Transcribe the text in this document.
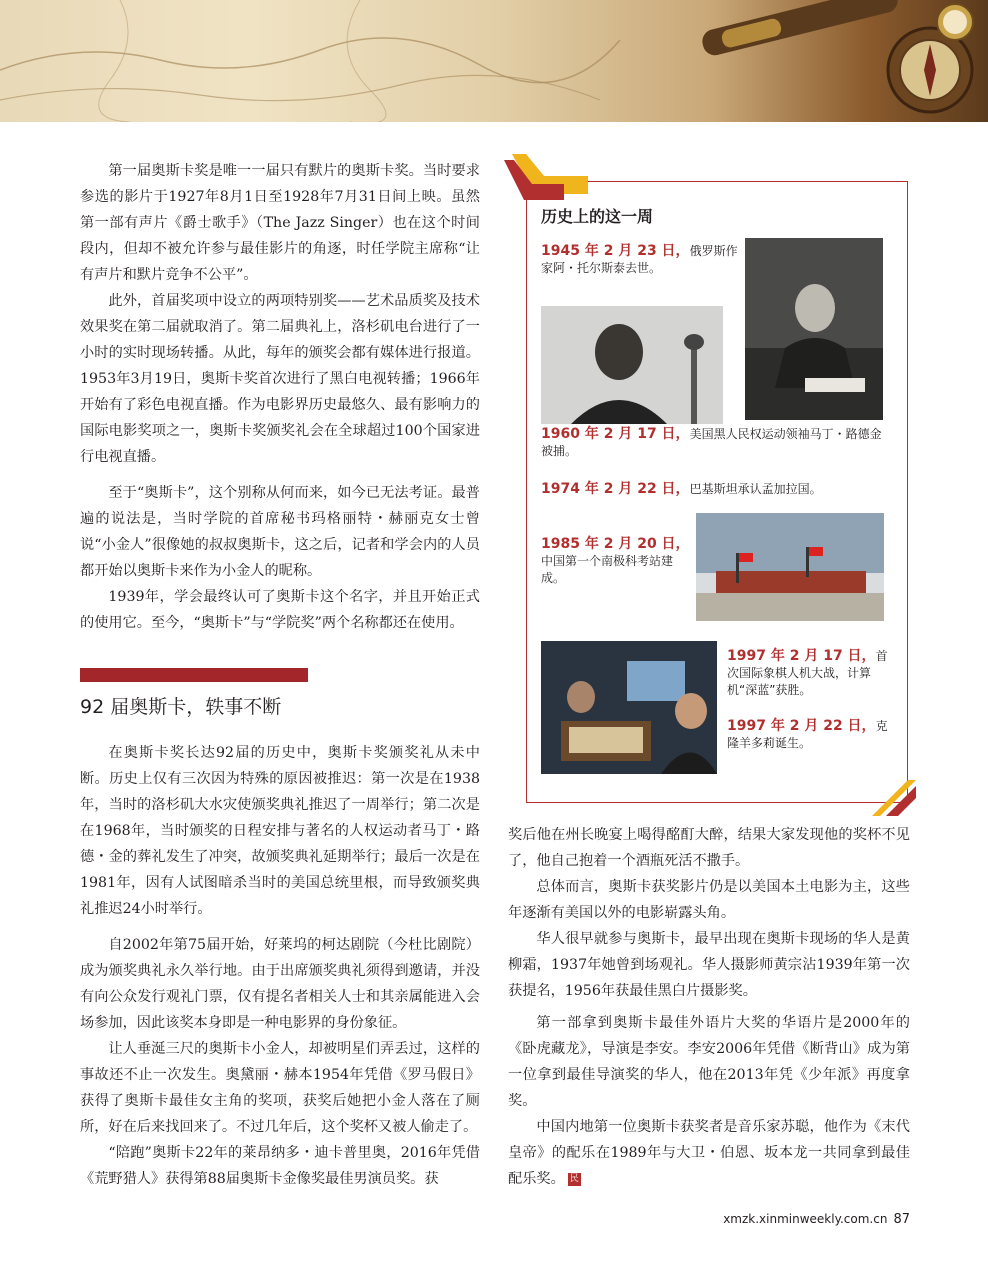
第一届奥斯卡奖是唯一一届只有默片的奥斯卡奖。当时要求参选的影片于1927年8月1日至1928年7月31日间上映。虽然第一部有声片《爵士歌手》（The Jazz Singer）也在这个时间段内，但却不被允许参与最佳影片的角逐，时任学院主席称“让有声片和默片竞争不公平”。

此外，首届奖项中设立的两项特别奖——艺术品质奖及技术效果奖在第二届就取消了。第二届典礼上，洛杉矶电台进行了一小时的实时现场转播。从此，每年的颁奖会都有媒体进行报道。1953年3月19日，奥斯卡奖首次进行了黑白电视转播；1966年开始有了彩色电视直播。作为电影界历史最悠久、最有影响力的国际电影奖项之一，奥斯卡奖颁奖礼会在全球超过100个国家进行电视直播。

至于“奥斯卡”，这个别称从何而来，如今已无法考证。最普遍的说法是，当时学院的首席秘书玛格丽特・赫丽克女士曾说“小金人”很像她的叔叔奥斯卡，这之后，记者和学会内的人员都开始以奥斯卡来作为小金人的昵称。

1939年，学会最终认可了奥斯卡这个名字，并且开始正式的使用它。至今，“奥斯卡”与“学院奖”两个名称都还在使用。

92 届奥斯卡，轶事不断

在奥斯卡奖长达92届的历史中，奥斯卡奖颁奖礼从未中断。历史上仅有三次因为特殊的原因被推迟：第一次是在1938年，当时的洛杉矶大水灾使颁奖典礼推迟了一周举行；第二次是在1968年，当时颁奖的日程安排与著名的人权运动者马丁・路德・金的葬礼发生了冲突，故颁奖典礼延期举行；最后一次是在1981年，因有人试图暗杀当时的美国总统里根，而导致颁奖典礼推迟24小时举行。

自2002年第75届开始，好莱坞的柯达剧院（今杜比剧院）成为颁奖典礼永久举行地。由于出席颁奖典礼须得到邀请，并没有向公众发行观礼门票，仅有提名者相关人士和其亲属能进入会场参加，因此该奖本身即是一种电影界的身份象征。

让人垂涎三尺的奥斯卡小金人，却被明星们弄丢过，这样的事故还不止一次发生。奥黛丽・赫本1954年凭借《罗马假日》获得了奥斯卡最佳女主角的奖项，获奖后她把小金人落在了厕所，好在后来找回来了。不过几年后，这个奖杯又被人偷走了。

“陪跑”奥斯卡22年的莱昂纳多・迪卡普里奥，2016年凭借《荒野猎人》获得第88届奥斯卡金像奖最佳男演员奖。获

历史上的这一周
1945 年 2 月 23 日，俄罗斯作家阿・托尔斯泰去世。
1960 年 2 月 17 日，美国黑人民权运动领袖马丁・路德金被捕。
1974 年 2 月 22 日，巴基斯坦承认孟加拉国。
1985 年 2 月 20 日，中国第一个南极科考站建成。
1997 年 2 月 17 日，首次国际象棋人机大战，计算机“深蓝”获胜。
1997 年 2 月 22 日，克隆羊多莉诞生。

奖后他在州长晚宴上喝得酩酊大醉，结果大家发现他的奖杯不见了，他自己抱着一个酒瓶死活不撒手。

总体而言，奥斯卡获奖影片仍是以美国本土电影为主，这些年逐渐有美国以外的电影崭露头角。

华人很早就参与奥斯卡，最早出现在奥斯卡现场的华人是黄柳霜，1937年她曾到场观礼。华人摄影师黄宗沾1939年第一次获提名，1956年获最佳黑白片摄影奖。

第一部拿到奥斯卡最佳外语片大奖的华语片是2000年的《卧虎藏龙》，导演是李安。李安2006年凭借《断背山》成为第一位拿到最佳导演奖的华人，他在2013年凭《少年派》再度拿奖。

中国内地第一位奥斯卡获奖者是音乐家苏聪，他作为《末代皇帝》的配乐在1989年与大卫・伯恩、坂本龙一共同拿到最佳配乐奖。 民

xmzk.xinminweekly.com.cn 87
